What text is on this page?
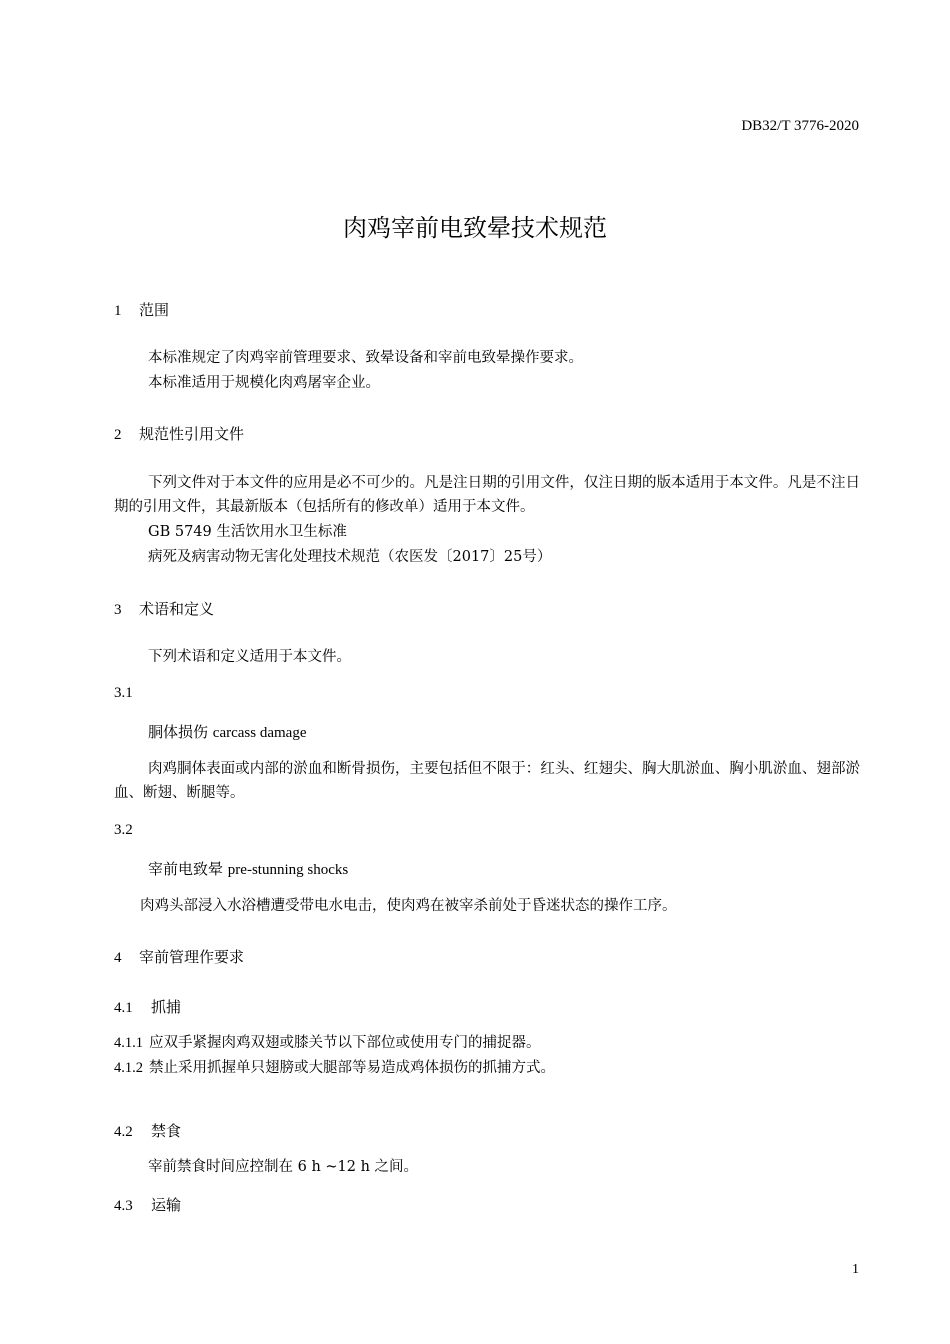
DB32/T 3776-2020
肉鸡宰前电致晕技术规范
1 范围
本标准规定了肉鸡宰前管理要求、致晕设备和宰前电致晕操作要求。
本标准适用于规模化肉鸡屠宰企业。
2 规范性引用文件
下列文件对于本文件的应用是必不可少的。凡是注日期的引用文件，仅注日期的版本适用于本文件。凡是不注日期的引用文件，其最新版本（包括所有的修改单）适用于本文件。
GB 5749 生活饮用水卫生标准
病死及病害动物无害化处理技术规范（农医发〔2017〕25号）
3 术语和定义
下列术语和定义适用于本文件。
3.1
胴体损伤 carcass damage
肉鸡胴体表面或内部的淤血和断骨损伤，主要包括但不限于：红头、红翅尖、胸大肌淤血、胸小肌淤血、翅部淤血、断翅、断腿等。
3.2
宰前电致晕 pre-stunning shocks
肉鸡头部浸入水浴槽遭受带电水电击，使肉鸡在被宰杀前处于昏迷状态的操作工序。
4 宰前管理作要求
4.1 抓捕
4.1.1 应双手紧握肉鸡双翅或膝关节以下部位或使用专门的捕捉器。
4.1.2 禁止采用抓握单只翅膀或大腿部等易造成鸡体损伤的抓捕方式。
4.2 禁食
宰前禁食时间应控制在 6 h ~12 h 之间。
4.3 运输
1
